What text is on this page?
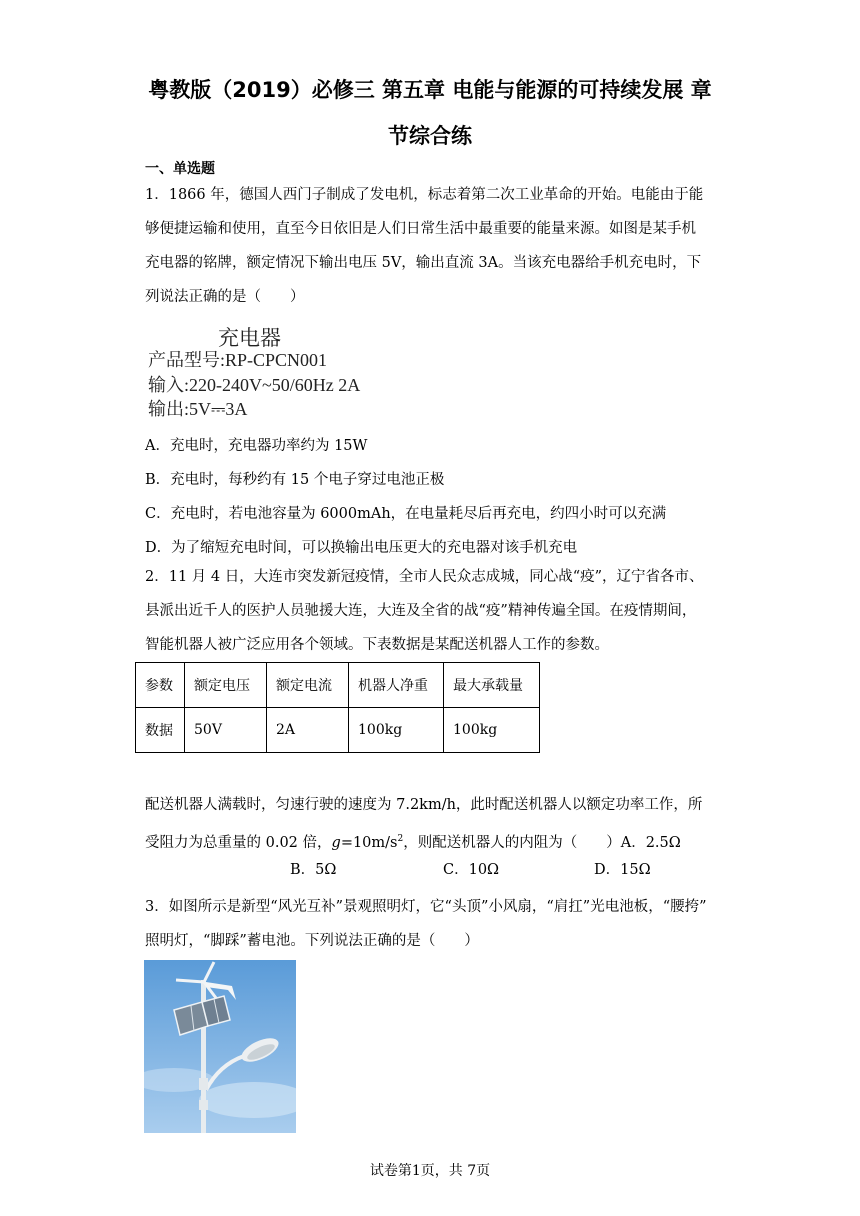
粤教版（2019）必修三 第五章 电能与能源的可持续发展 章
节综合练
一、单选题
1．1866 年，德国人西门子制成了发电机，标志着第二次工业革命的开始。电能由于能
够便捷运输和使用，直至今日依旧是人们日常生活中最重要的能量来源。如图是某手机
充电器的铭牌，额定情况下输出电压 5V，输出直流 3A。当该充电器给手机充电时，下
列说法正确的是（　　）
充电器
产品型号:RP-CPCN001
输入:220-240V~50/60Hz 2A
输出:5V⎓3A
A．充电时，充电器功率约为 15W
B．充电时，每秒约有 15 个电子穿过电池正极
C．充电时，若电池容量为 6000mAh，在电量耗尽后再充电，约四小时可以充满
D．为了缩短充电时间，可以换输出电压更大的充电器对该手机充电
2．11 月 4 日，大连市突发新冠疫情，全市人民众志成城，同心战“疫”，辽宁省各市、
县派出近千人的医护人员驰援大连，大连及全省的战“疫”精神传遍全国。在疫情期间，
智能机器人被广泛应用各个领域。下表数据是某配送机器人工作的参数。
参数	额定电压	额定电流	机器人净重	最大承载量
数据	50V	2A	100kg	100kg
配送机器人满载时，匀速行驶的速度为 7.2km/h，此时配送机器人以额定功率工作，所
受阻力为总重量的 0.02 倍，$g=10m/s^2$，则配送机器人的内阻为（　　）A．2.5Ω
B．5Ω	C．10Ω	D．15Ω
3．如图所示是新型“风光互补”景观照明灯，它“头顶”小风扇，“肩扛”光电池板，“腰挎”
照明灯，“脚踩”蓄电池。下列说法正确的是（　　）
试卷第1页，共 7页
